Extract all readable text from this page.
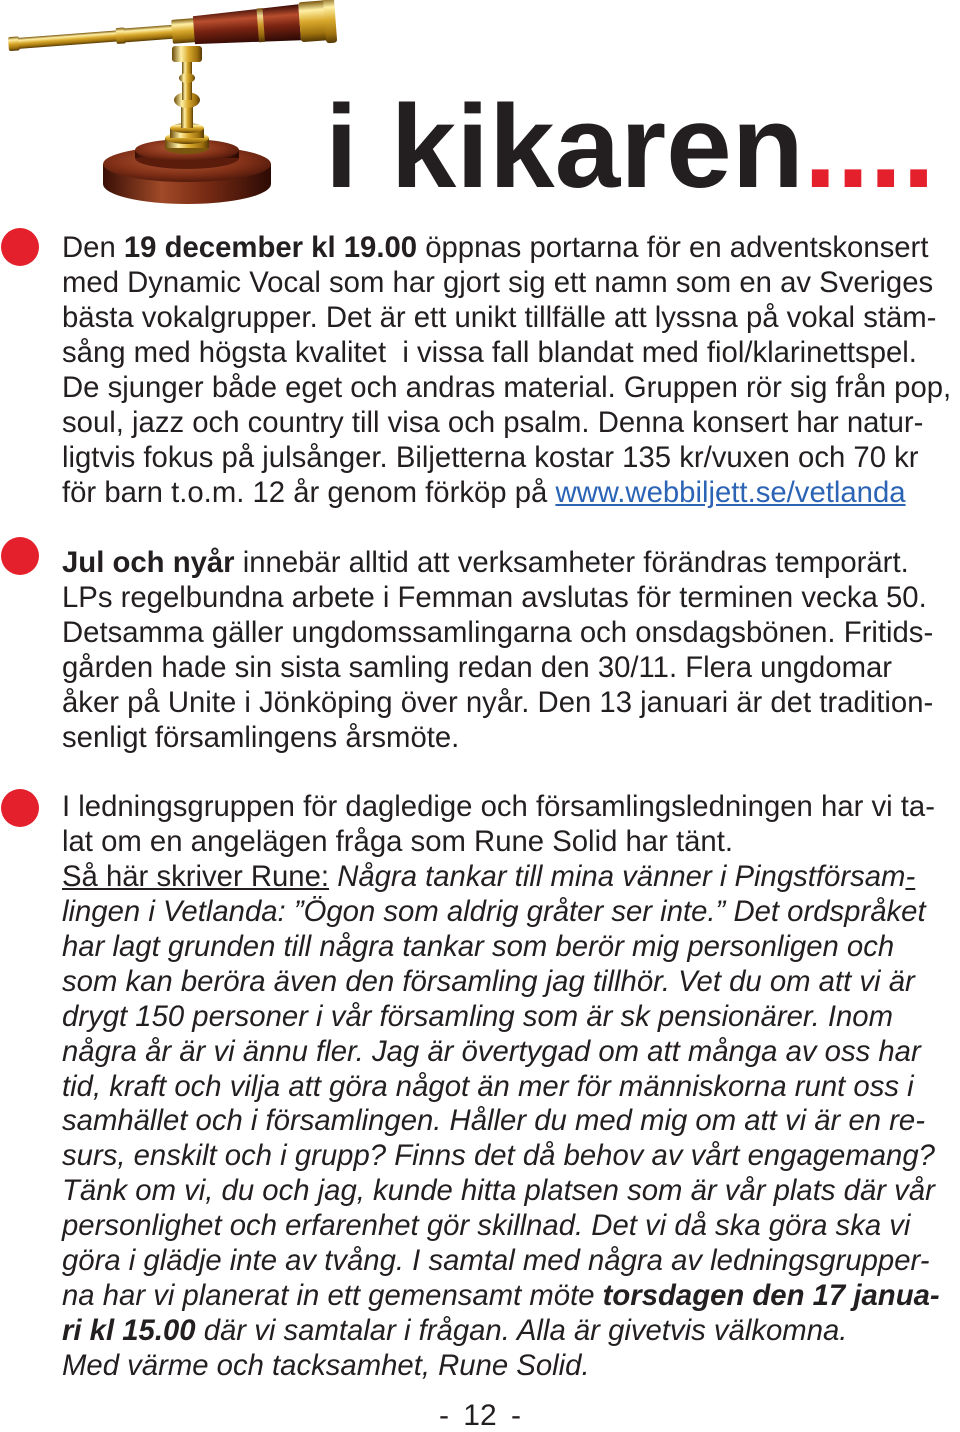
i kikaren....
Den 19 december kl 19.00 öppnas portarna för en adventskonsert
med Dynamic Vocal som har gjort sig ett namn som en av Sveriges
bästa vokalgrupper. Det är ett unikt tillfälle att lyssna på vokal stäm-
sång med högsta kvalitet  i vissa fall blandat med fiol/klarinettspel.
De sjunger både eget och andras material. Gruppen rör sig från pop,
soul, jazz och country till visa och psalm. Denna konsert har natur-
ligtvis fokus på julsånger. Biljetterna kostar 135 kr/vuxen och 70 kr
för barn t.o.m. 12 år genom förköp på www.webbiljett.se/vetlanda
Jul och nyår innebär alltid att verksamheter förändras temporärt.
LPs regelbundna arbete i Femman avslutas för terminen vecka 50.
Detsamma gäller ungdomssamlingarna och onsdagsbönen. Fritids-
gården hade sin sista samling redan den 30/11. Flera ungdomar
åker på Unite i Jönköping över nyår. Den 13 januari är det tradition-
senligt församlingens årsmöte.
I ledningsgruppen för dagledige och församlingsledningen har vi ta-
lat om en angelägen fråga som Rune Solid har tänt.
Så här skriver Rune: Några tankar till mina vänner i Pingstförsam-
lingen i Vetlanda: ”Ögon som aldrig gråter ser inte.” Det ordspråket
har lagt grunden till några tankar som berör mig personligen och
som kan beröra även den församling jag tillhör. Vet du om att vi är
drygt 150 personer i vår församling som är sk pensionärer. Inom
några år är vi ännu fler. Jag är övertygad om att många av oss har
tid, kraft och vilja att göra något än mer för människorna runt oss i
samhället och i församlingen. Håller du med mig om att vi är en re-
surs, enskilt och i grupp? Finns det då behov av vårt engagemang?
Tänk om vi, du och jag, kunde hitta platsen som är vår plats där vår
personlighet och erfarenhet gör skillnad. Det vi då ska göra ska vi
göra i glädje inte av tvång. I samtal med några av ledningsgrupper-
na har vi planerat in ett gemensamt möte torsdagen den 17 janua-
ri kl 15.00 där vi samtalar i frågan. Alla är givetvis välkomna.
Med värme och tacksamhet, Rune Solid.
- 12 -
